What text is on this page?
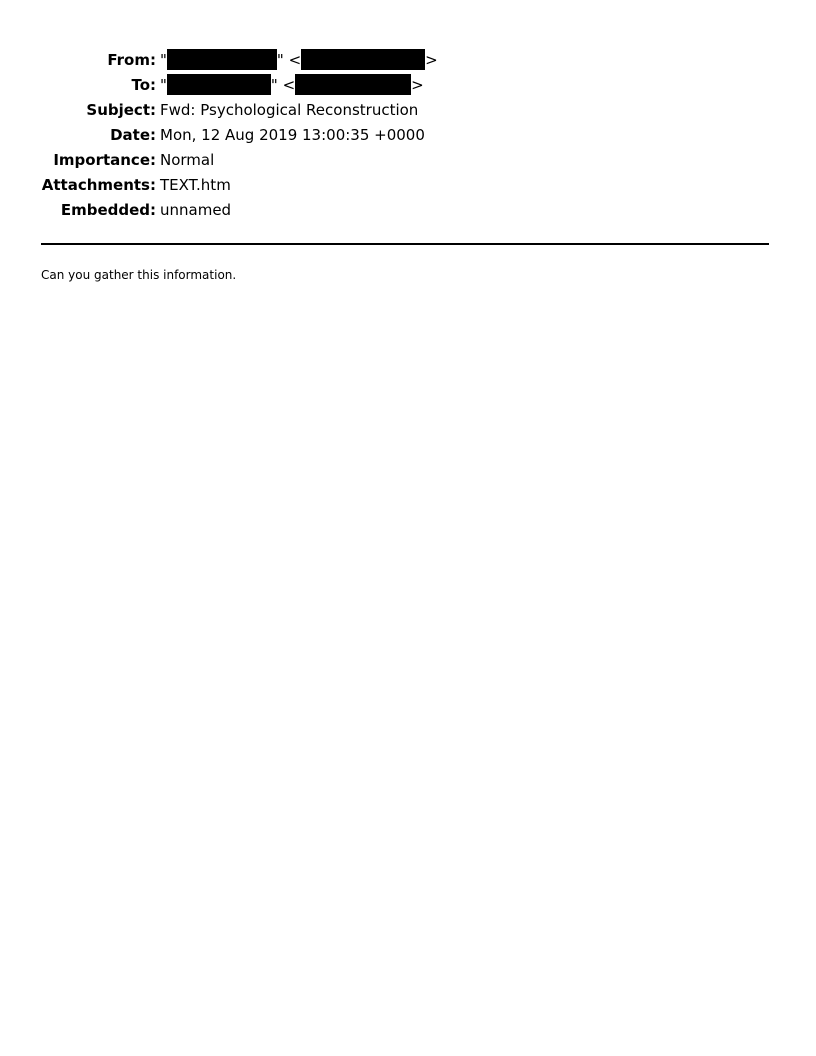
From: "	" <	>
To: "	" <	>
Subject: Fwd: Psychological Reconstruction
Date: Mon, 12 Aug 2019 13:00:35 +0000
Importance: Normal
Attachments: TEXT.htm
Embedded: unnamed
Can you gather this information.
